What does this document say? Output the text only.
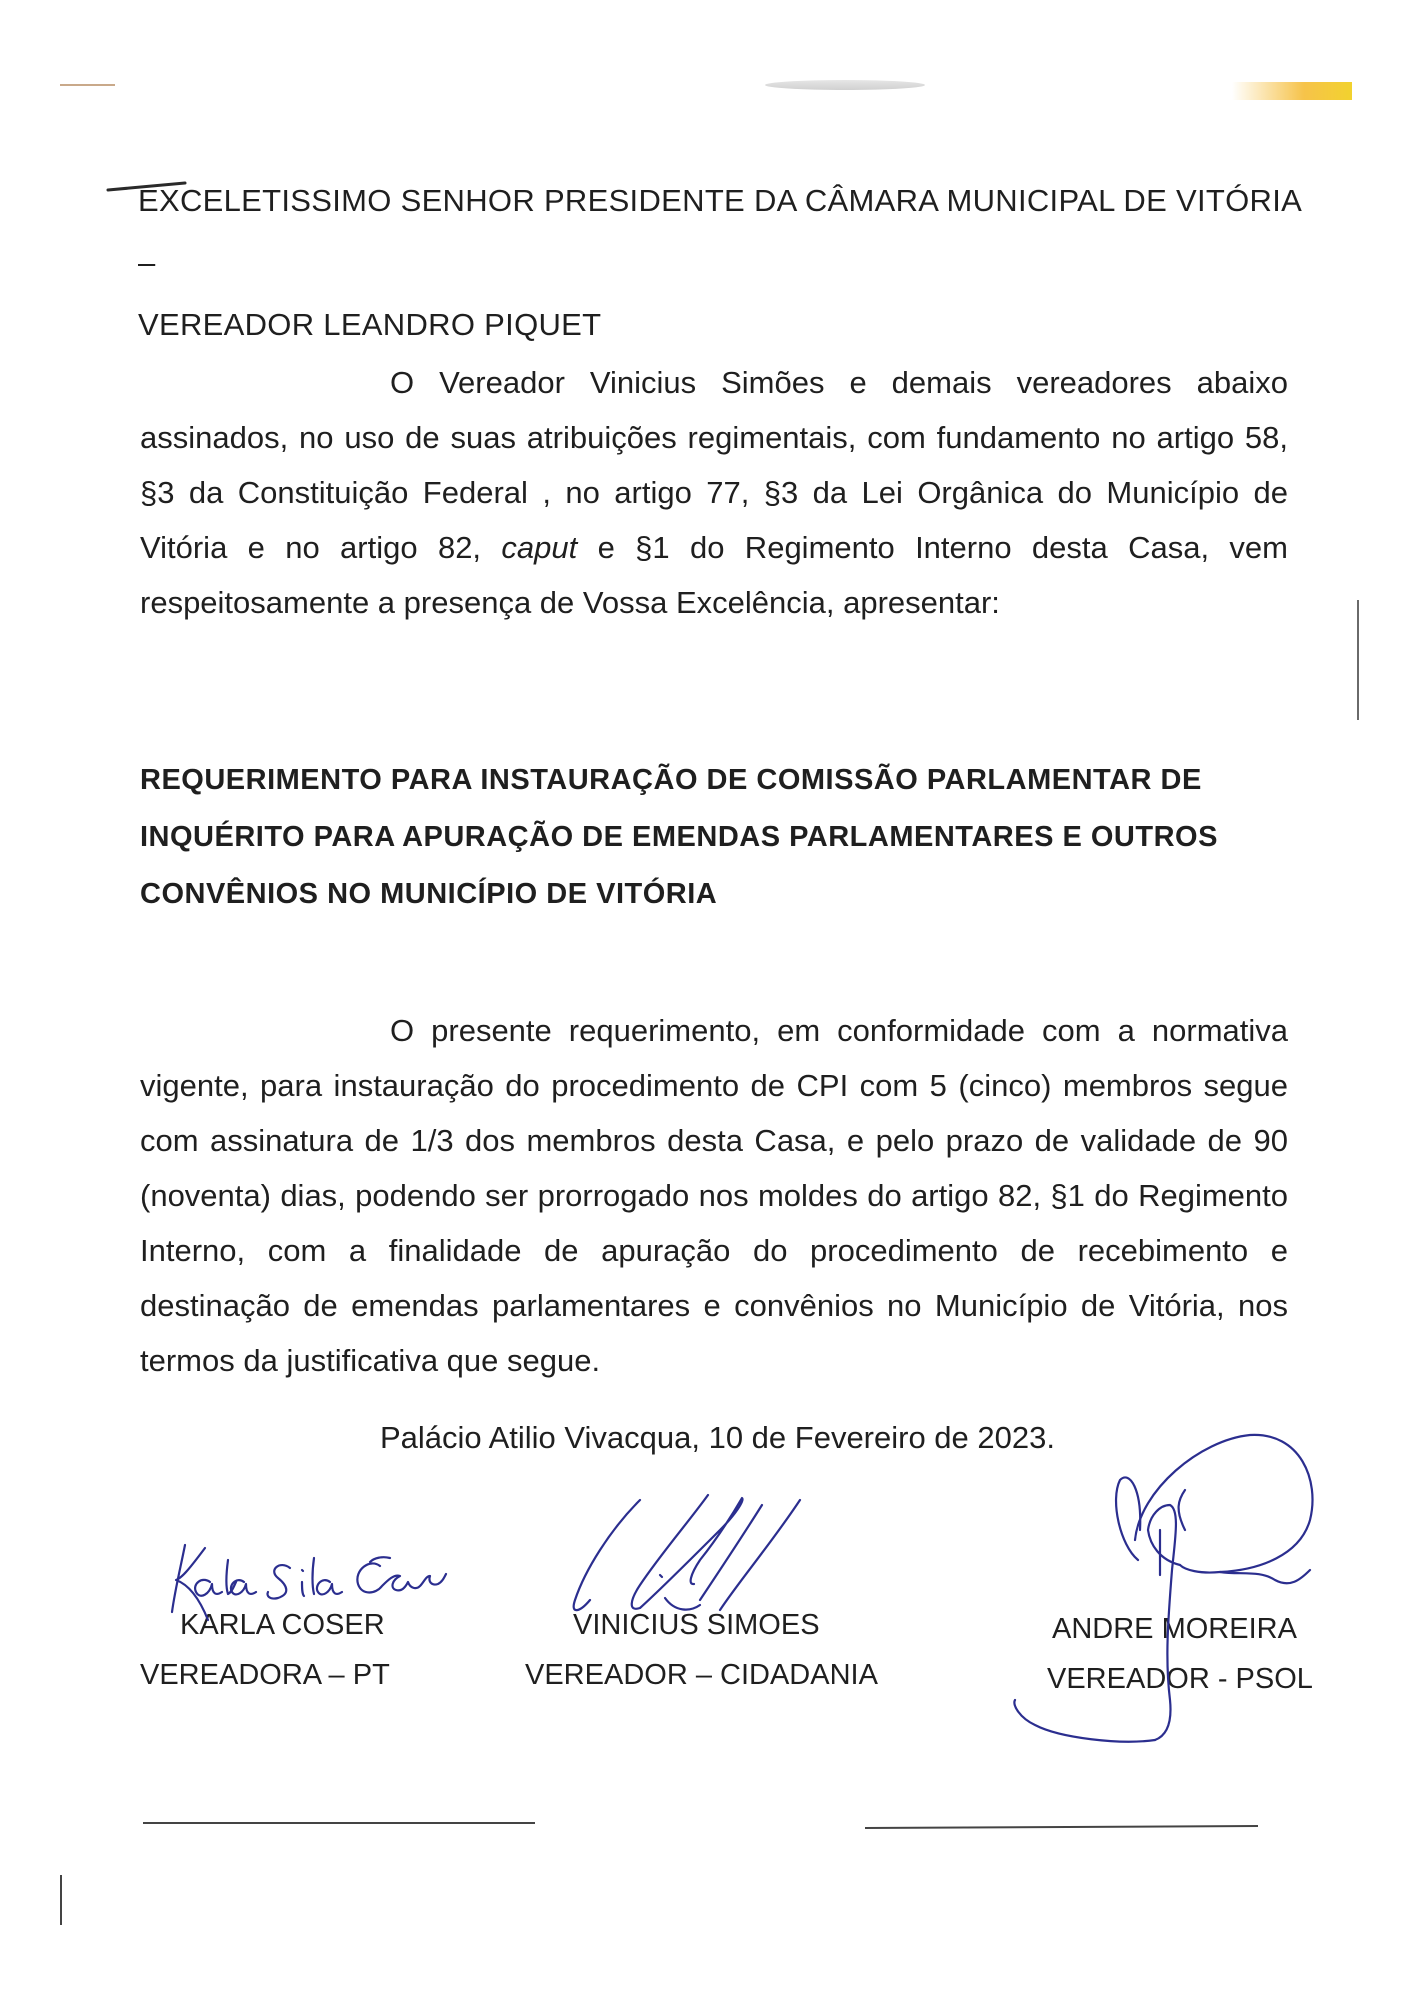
EXCELETISSIMO SENHOR PRESIDENTE DA CÂMARA MUNICIPAL DE VITÓRIA –
VEREADOR LEANDRO PIQUET

O Vereador Vinicius Simões e demais vereadores abaixo assinados, no uso de suas atribuições regimentais, com fundamento no artigo 58, §3 da Constituição Federal , no artigo 77, §3 da Lei Orgânica do Município de Vitória e no artigo 82, caput e §1 do Regimento Interno desta Casa, vem respeitosamente a presença de Vossa Excelência, apresentar:

REQUERIMENTO PARA INSTAURAÇÃO DE COMISSÃO PARLAMENTAR DE
INQUÉRITO PARA APURAÇÃO DE EMENDAS PARLAMENTARES E OUTROS
CONVÊNIOS NO MUNICÍPIO DE VITÓRIA

O presente requerimento, em conformidade com a normativa vigente, para instauração do procedimento de CPI com 5 (cinco) membros segue com assinatura de 1/3 dos membros desta Casa, e pelo prazo de validade de 90 (noventa) dias, podendo ser prorrogado nos moldes do artigo 82, §1 do Regimento Interno, com a finalidade de apuração do procedimento de recebimento e destinação de emendas parlamentares e convênios no Município de Vitória, nos termos da justificativa que segue.

Palácio Atilio Vivacqua, 10 de Fevereiro de 2023.
KARLA COSER
VEREADORA – PT
VINICIUS SIMOES
VEREADOR – CIDADANIA
ANDRE MOREIRA
VEREADOR - PSOL
